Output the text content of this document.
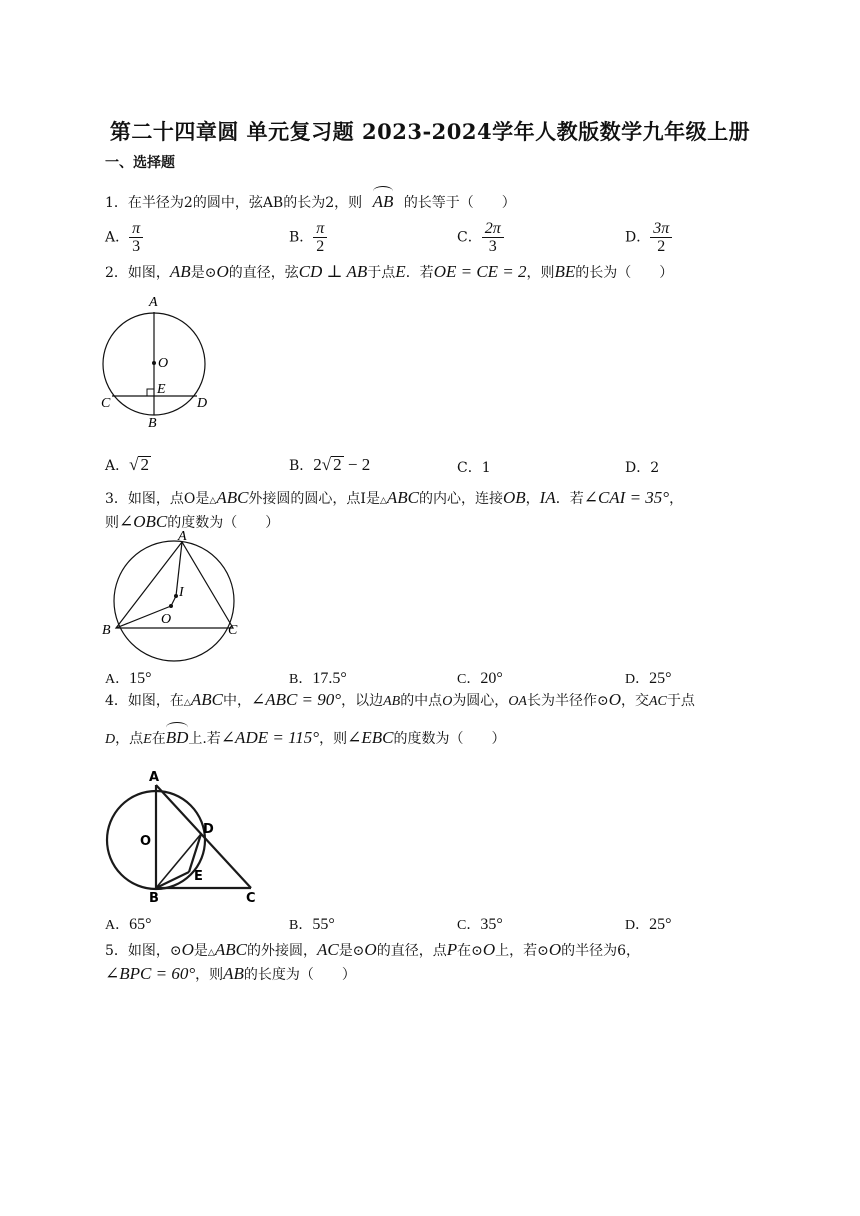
第二十四章圆 单元复习题 2023-2024学年人教版数学九年级上册
一、选择题
1．在半径为2的圆中，弦AB的长为2，则 AB 的长等于（　　）
A． $\frac{\pi}{3}$	B． $\frac{\pi}{2}$	C． $\frac{2\pi}{3}$	D． $\frac{3\pi}{2}$
2．如图，AB是⊙O的直径，弦CD ⊥ AB于点E．若OE = CE = 2，则BE的长为（　　）
A
O
E
C	D
B
A．√ 2	B．2√ 2 − 2	C．1	D．2
3．如图，点O是△ABC外接圆的圆心，点I是△ABC的内心，连接OB，IA．若∠CAI = 35°，
则∠OBC的度数为（　　）
A
I
O
B	C
A．15°	B．17.5°	C．20°	D．25°
4．如图，在△ABC中，∠ABC = 90°，以边AB的中点O为圆心，OA长为半径作⊙O，交AC于点
D，点E在BD上.若∠ADE = 115°，则∠EBC的度数为（　　）
A
O
D
E
B	C
A．65°	B．55°	C．35°	D．25°
5．如图，⊙O是△ABC的外接圆，AC是⊙O的直径，点P在⊙O上，若⊙O的半径为6，
∠BPC = 60°，则AB的长度为（　　）
